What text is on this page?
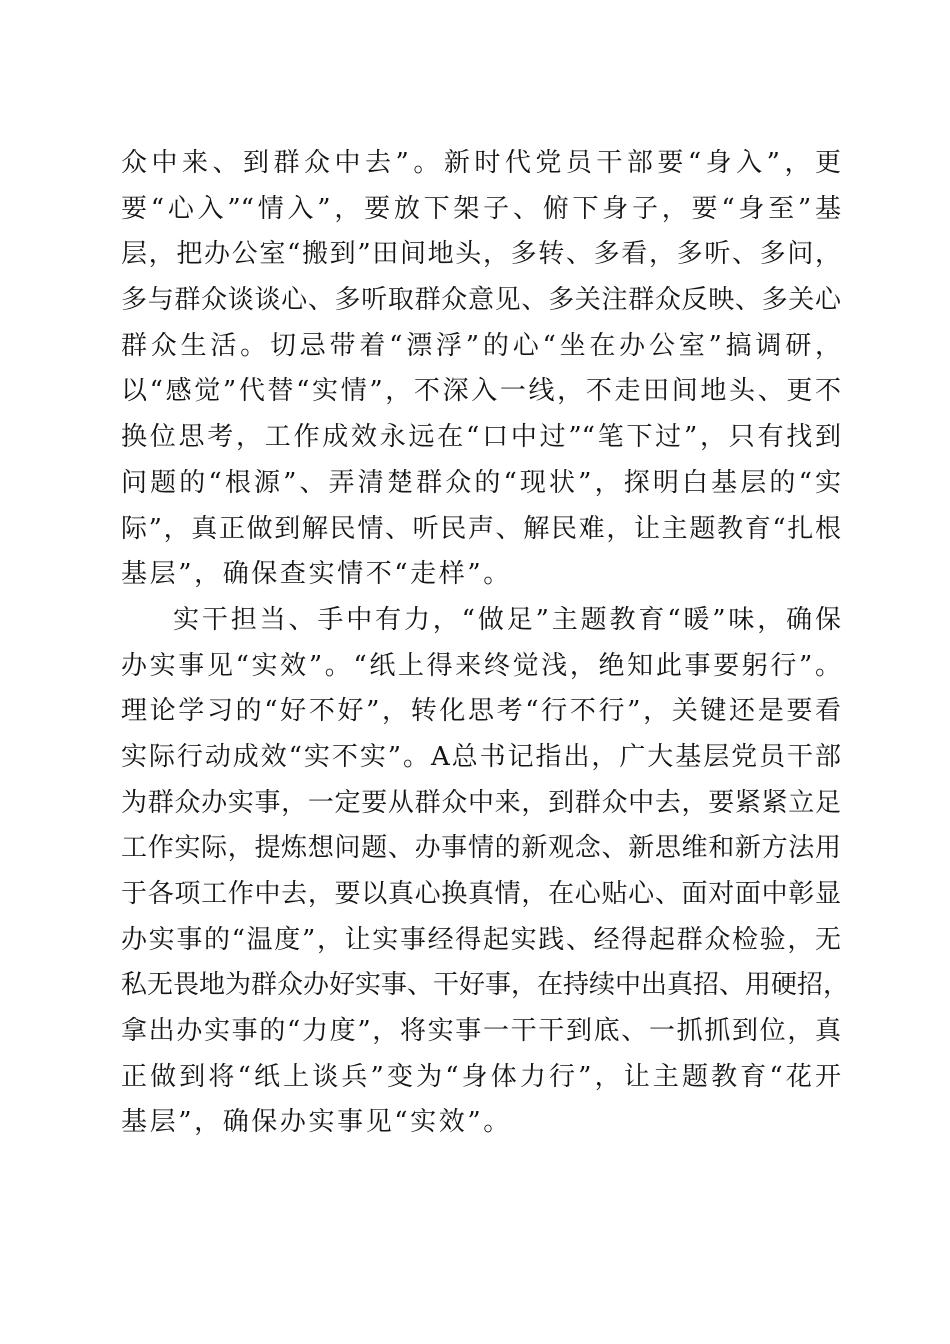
众中来、到群众中去”。新时代党员干部要“身入”，更
要“心入”“情入”，要放下架子、俯下身子，要“身至”基
层，把办公室“搬到”田间地头，多转、多看，多听、多问，
多与群众谈谈心、多听取群众意见、多关注群众反映、多关心
群众生活。切忌带着“漂浮”的心“坐在办公室”搞调研，
以“感觉”代替“实情”，不深入一线，不走田间地头、更不
换位思考，工作成效永远在“口中过”“笔下过”，只有找到
问题的“根源”、弄清楚群众的“现状”，探明白基层的“实
际”，真正做到解民情、听民声、解民难，让主题教育“扎根
基层”，确保查实情不“走样”。
实干担当、手中有力，“做足”主题教育“暖”味，确保
办实事见“实效”。“纸上得来终觉浅，绝知此事要躬行”。
理论学习的“好不好”，转化思考“行不行”，关键还是要看
实际行动成效“实不实”。A总书记指出，广大基层党员干部
为群众办实事，一定要从群众中来，到群众中去，要紧紧立足
工作实际，提炼想问题、办事情的新观念、新思维和新方法用
于各项工作中去，要以真心换真情，在心贴心、面对面中彰显
办实事的“温度”，让实事经得起实践、经得起群众检验，无
私无畏地为群众办好实事、干好事，在持续中出真招、用硬招，
拿出办实事的“力度”，将实事一干干到底、一抓抓到位，真
正做到将“纸上谈兵”变为“身体力行”，让主题教育“花开
基层”，确保办实事见“实效”。
